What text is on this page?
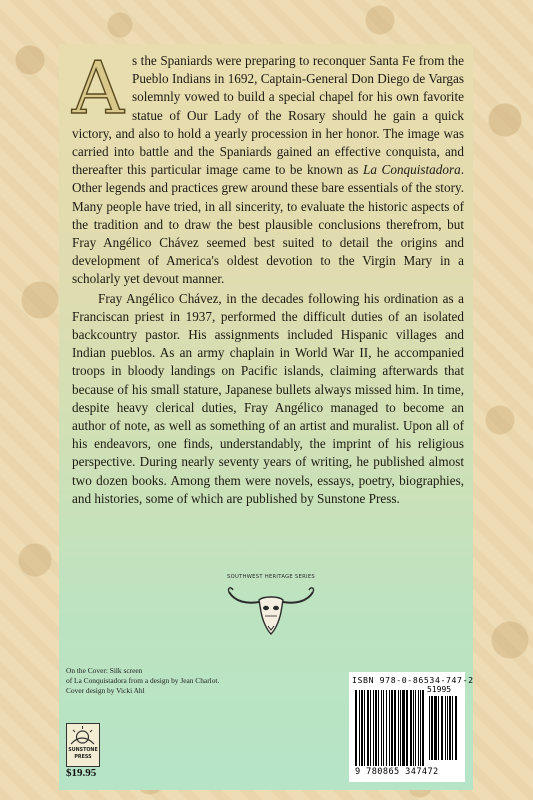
As the Spaniards were preparing to reconquer Santa Fe from the Pueblo Indians in 1692, Captain-General Don Diego de Vargas solemnly vowed to build a special chapel for his own favorite statue of Our Lady of the Rosary should he gain a quick victory, and also to hold a yearly procession in her honor. The image was carried into battle and the Spaniards gained an effective conquista, and thereafter this particular image came to be known as La Conquistadora. Other legends and practices grew around these bare essentials of the story. Many people have tried, in all sincerity, to evaluate the historic aspects of the tradition and to draw the best plausible conclusions therefrom, but Fray Angélico Chávez seemed best suited to detail the origins and development of America's oldest devotion to the Virgin Mary in a scholarly yet devout manner.

Fray Angélico Chávez, in the decades following his ordination as a Franciscan priest in 1937, performed the difficult duties of an isolated backcountry pastor. His assignments included Hispanic villages and Indian pueblos. As an army chaplain in World War II, he accompanied troops in bloody landings on Pacific islands, claiming afterwards that because of his small stature, Japanese bullets always missed him. In time, despite heavy clerical duties, Fray Angélico managed to become an author of note, as well as something of an artist and muralist. Upon all of his endeavors, one finds, understandably, the imprint of his religious perspective. During nearly seventy years of writing, he published almost two dozen books. Among them were novels, essays, poetry, biographies, and histories, some of which are published by Sunstone Press.

SOUTHWEST HERITAGE SERIES
On the Cover: Silk screen
of La Conquistadora from a design by Jean Charlot.
Cover design by Vicki Ahl
SUNSTONE
PRESS
$19.95
ISBN 978-0-86534-747-2
51995
9 780865 347472
